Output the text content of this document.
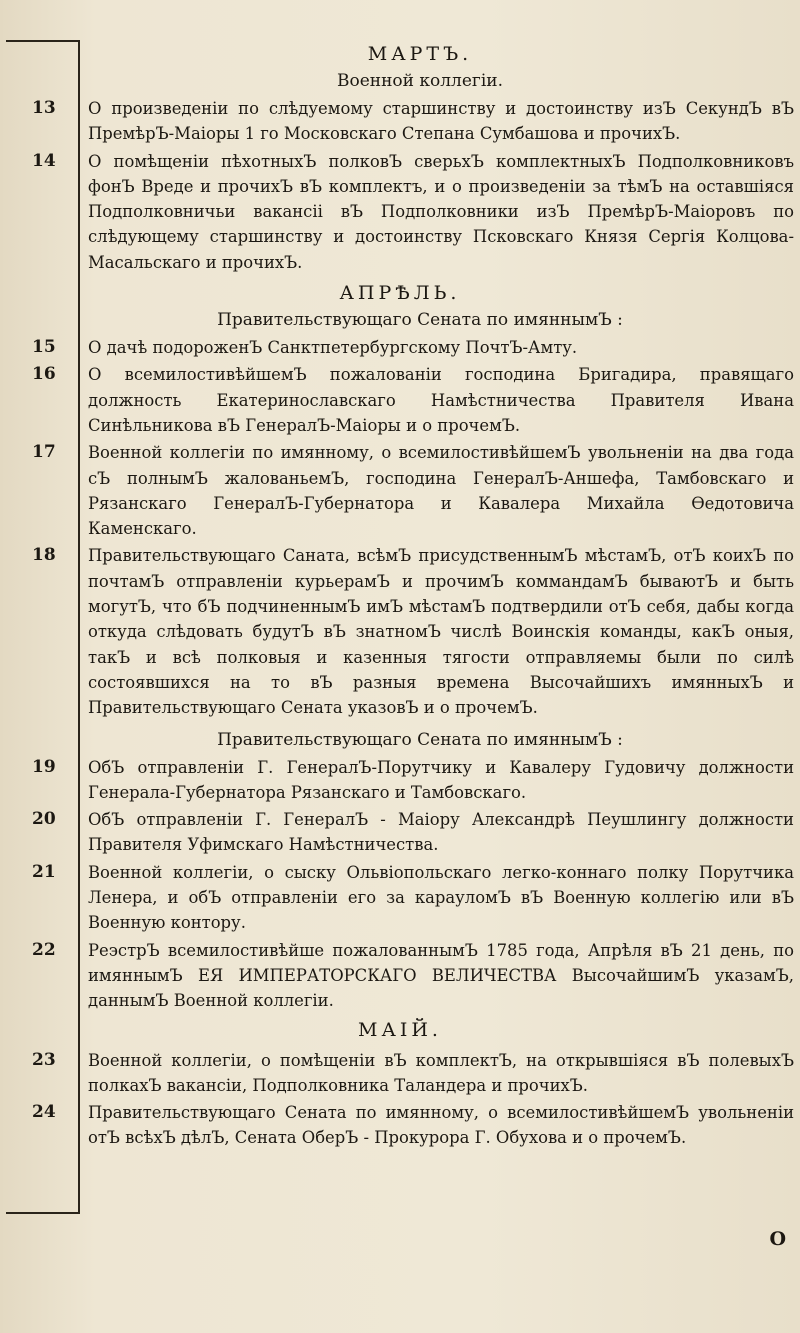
МАРТЪ.
Военной коллегiи.
13 О произведенiи по слѣдуемому старшинству и достоинству изЪ СекундЪ вЪ ПремѣрЪ-Маiоры 1 го Московскаго Степана Сумбашова и прочихЪ.
14 О помѣщенiи пѣхотныхЪ полковЪ сверьхЪ комплектныхЪ Подполковниковъ фонЪ Вреде и прочихЪ вЪ комплектъ, и о произведенiи за тѣмЪ на оставшiяся Подполковничьи ваканcii вЪ Подполковники изЪ ПремѣрЪ-Маiоровъ по слѣдующему старшинству и достоинству Псковскаго Князя Сергiя Колцова-Масальскаго и прочихЪ.
АПРѢЛЬ.
Правительствующаго Сената по имяннымЪ :
15 О дачѣ подороженЪ Санктпетербургскому ПочтЪ-Амту.
16 О всемилостивѣйшемЪ пожалованiи господина Бригадира, правящаго должность Екатеринославскаго Намѣстничества Правителя Ивана Синѣльникова вЪ ГенералЪ-Маiоры и о прочемЪ.
17 Военной коллегiи по имянному, о всемилостивѣйшемЪ увольненiи на два года сЪ полнымЪ жалованьемЪ, господина ГенералЪ-Аншефа, Тамбовскаго и Рязанскаго ГенералЪ-Губернатора и Кавалера Михайла Ѳедотовича Каменскаго.
18 Правительствующаго Саната, всѣмЪ присудственнымЪ мѣстамЪ, отЪ коихЪ по почтамЪ отправленiи курьерамЪ и прочимЪ коммандамЪ бываютЪ и быть могутЪ, что бЪ подчиненнымЪ имЪ мѣстамЪ подтвердили отЪ себя, дабы когда откуда слѣдовать будутЪ вЪ знатномЪ числѣ Воинскiя команды, какЪ оныя, такЪ и всѣ полковыя и казенныя тягости отправляемы были по силѣ состоявшихся на то вЪ разныя времена Высочайшихъ имянныхЪ и Правительствующаго Сената указовЪ и о прочемЪ.
Правительствующаго Сената по имяннымЪ :
19 ОбЪ отправленiи Г. ГенералЪ-Порутчику и Кавалеру Гудовичу должности Генерала-Губернатора Рязанскаго и Тамбовскаго.
20 ОбЪ отправленiи Г. ГенералЪ - Маiору Александрѣ Пеушлингу должности Правителя Уфимскаго Намѣстничества.
21 Военной коллегiи, о сыску Ольвiопольскаго легко-коннаго полку Порутчика Ленера, и обЪ отправленiи его за карауломЪ вЪ Военную коллегiю или вЪ Военную контору.
22 РеэстрЪ всемилостивѣйше пожалованнымЪ 1785 года, Апрѣля вЪ 21 день, по имяннымЪ ЕЯ ИМПЕРАТОРСКАГО ВЕЛИЧЕСТВА ВысочайшимЪ указамЪ, даннымЪ Военной коллегiи.
МАIЙ.
23 Военной коллегiи, о помѣщенiи вЪ комплектЪ, на открывшiяся вЪ полевыхЪ полкахЪ ваканciи, Подполковника Таландера и прочихЪ.
24 Правительствующаго Сената по имянному, о всемилостивѣйшемЪ увольненiи отЪ всѣхЪ дѣлЪ, Сената ОберЪ - Прокурора Г. Обухова и о прочемЪ.
О
